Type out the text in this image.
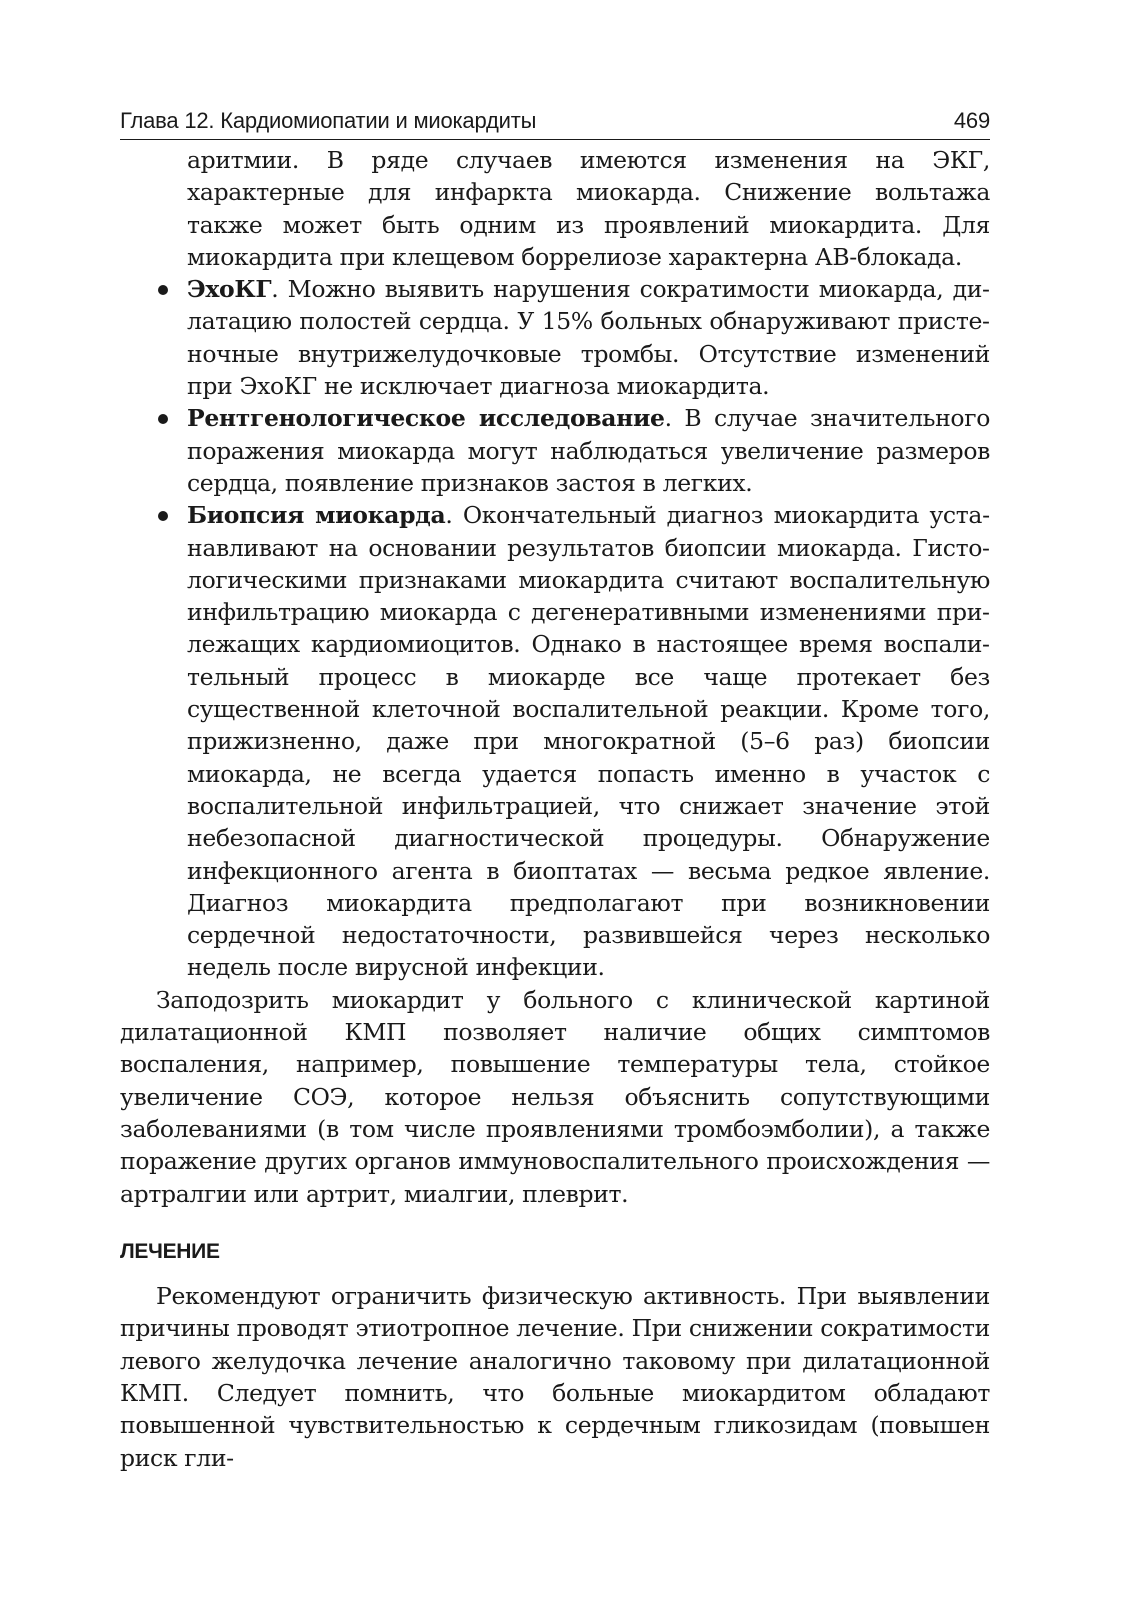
Глава 12. Кардиомиопатии и миокардиты	469
аритмии. В ряде случаев имеются изменения на ЭКГ, характерные для инфаркта миокарда. Снижение вольтажа также может быть одним из проявлений миокардита. Для миокардита при клещевом боррелиозе характерна АВ-блокада.
ЭхоКГ. Можно выявить нарушения сократимости миокарда, дилатацию полостей сердца. У 15% больных обнаруживают пристеночные внутрижелудочковые тромбы. Отсутствие изменений при ЭхоКГ не исключает диагноза миокардита.
Рентгенологическое исследование. В случае значительного поражения миокарда могут наблюдаться увеличение размеров сердца, появление признаков застоя в легких.
Биопсия миокарда. Окончательный диагноз миокардита устанавливают на основании результатов биопсии миокарда. Гистологическими признаками миокардита считают воспалительную инфильтрацию миокарда с дегенеративными изменениями прилежащих кардиомиоцитов. Однако в настоящее время воспалительный процесс в миокарде все чаще протекает без существенной клеточной воспалительной реакции. Кроме того, прижизненно, даже при многократной (5–6 раз) биопсии миокарда, не всегда удается попасть именно в участок с воспалительной инфильтрацией, что снижает значение этой небезопасной диагностической процедуры. Обнаружение инфекционного агента в биоптатах — весьма редкое явление. Диагноз миокардита предполагают при возникновении сердечной недостаточности, развившейся через несколько недель после вирусной инфекции.

Заподозрить миокардит у больного с клинической картиной дилатационной КМП позволяет наличие общих симптомов воспаления, например, повышение температуры тела, стойкое увеличение СОЭ, которое нельзя объяснить сопутствующими заболеваниями (в том числе проявлениями тромбоэмболии), а также поражение других органов иммуновоспалительного происхождения — артралгии или артрит, миалгии, плеврит.

ЛЕЧЕНИЕ

Рекомендуют ограничить физическую активность. При выявлении причины проводят этиотропное лечение. При снижении сократимости левого желудочка лечение аналогично таковому при дилатационной КМП. Следует помнить, что больные миокардитом обладают повышенной чувствительностью к сердечным гликозидам (повышен риск гли-
